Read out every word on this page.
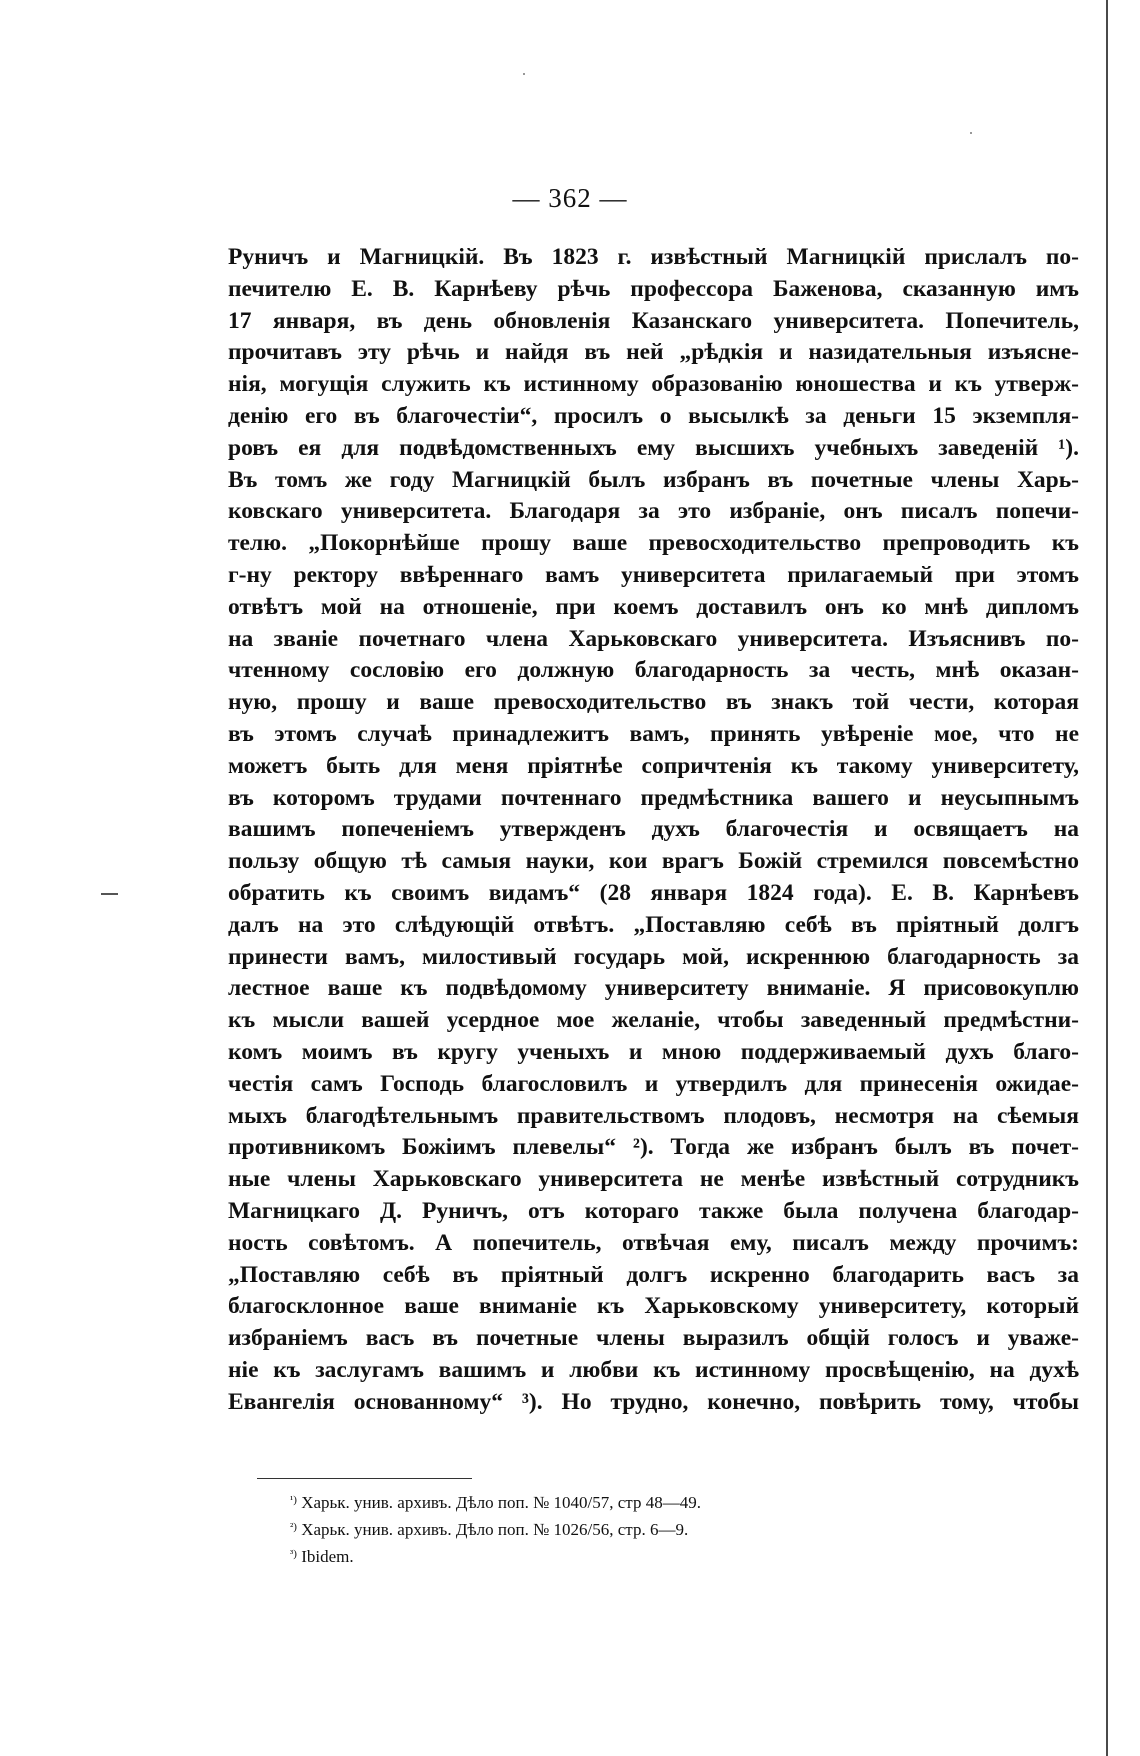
— 362 —
Руничъ и Магницкій. Въ 1823 г. извѣстный Магницкій прислалъ по-
печителю Е. В. Карнѣеву рѣчь профессора Баженова, сказанную имъ
17 января, въ день обновленія Казанскаго университета. Попечитель,
прочитавъ эту рѣчь и найдя въ ней „рѣдкія и назидательныя изъясне-
нія, могущія служить къ истинному образованію юношества и къ утверж-
денію его въ благочестіи“, просилъ о высылкѣ за деньги 15 экземпля-
ровъ ея для подвѣдомственныхъ ему высшихъ учебныхъ заведеній ¹).
Въ томъ же году Магницкій былъ избранъ въ почетные члены Харь-
ковскаго университета. Благодаря за это избраніе, онъ писалъ попечи-
телю. „Покорнѣйше прошу ваше превосходительство препроводить къ
г-ну ректору ввѣреннаго вамъ университета прилагаемый при этомъ
отвѣтъ мой на отношеніе, при коемъ доставилъ онъ ко мнѣ дипломъ
на званіе почетнаго члена Харьковскаго университета. Изъяснивъ по-
чтенному сословію его должную благодарность за честь, мнѣ оказан-
ную, прошу и ваше превосходительство въ знакъ той чести, которая
въ этомъ случаѣ принадлежитъ вамъ, принять увѣреніе мое, что не
можетъ быть для меня пріятнѣе сопричтенія къ такому университету,
въ которомъ трудами почтеннаго предмѣстника вашего и неусыпнымъ
вашимъ попеченіемъ утвержденъ духъ благочестія и освящаетъ на
пользу общую тѣ самыя науки, кои врагъ Божій стремился повсемѣстно
обратить къ своимъ видамъ“ (28 января 1824 года). Е. В. Карнѣевъ
далъ на это слѣдующій отвѣтъ. „Поставляю себѣ въ пріятный долгъ
принести вамъ, милостивый государь мой, искреннюю благодарность за
лестное ваше къ подвѣдомому университету вниманіе. Я присовокуплю
къ мысли вашей усердное мое желаніе, чтобы заведенный предмѣстни-
комъ моимъ въ кругу ученыхъ и мною поддерживаемый духъ благо-
честія самъ Господь благословилъ и утвердилъ для принесенія ожидае-
мыхъ благодѣтельнымъ правительствомъ плодовъ, несмотря на сѣемыя
противникомъ Божіимъ плевелы“ ²). Тогда же избранъ былъ въ почет-
ные члены Харьковскаго университета не менѣе извѣстный сотрудникъ
Магницкаго Д. Руничъ, отъ котораго также была получена благодар-
ность совѣтомъ. А попечитель, отвѣчая ему, писалъ между прочимъ:
„Поставляю себѣ въ пріятный долгъ искренно благодарить васъ за
благосклонное ваше вниманіе къ Харьковскому университету, который
избраніемъ васъ въ почетные члены выразилъ общій голосъ и уваже-
ніе къ заслугамъ вашимъ и любви къ истинному просвѣщенію, на духѣ
Евангелія основанному“ ³). Но трудно, конечно, повѣрить тому, чтобы
$^{^1)}$ Харьк. унив. архивъ. Дѣло поп. № 1040/57, стр 48—49.
$^{^2)}$ Харьк. унив. архивъ. Дѣло поп. № 1026/56, стр. 6—9.
$^{^3)}$ Ibidem.
